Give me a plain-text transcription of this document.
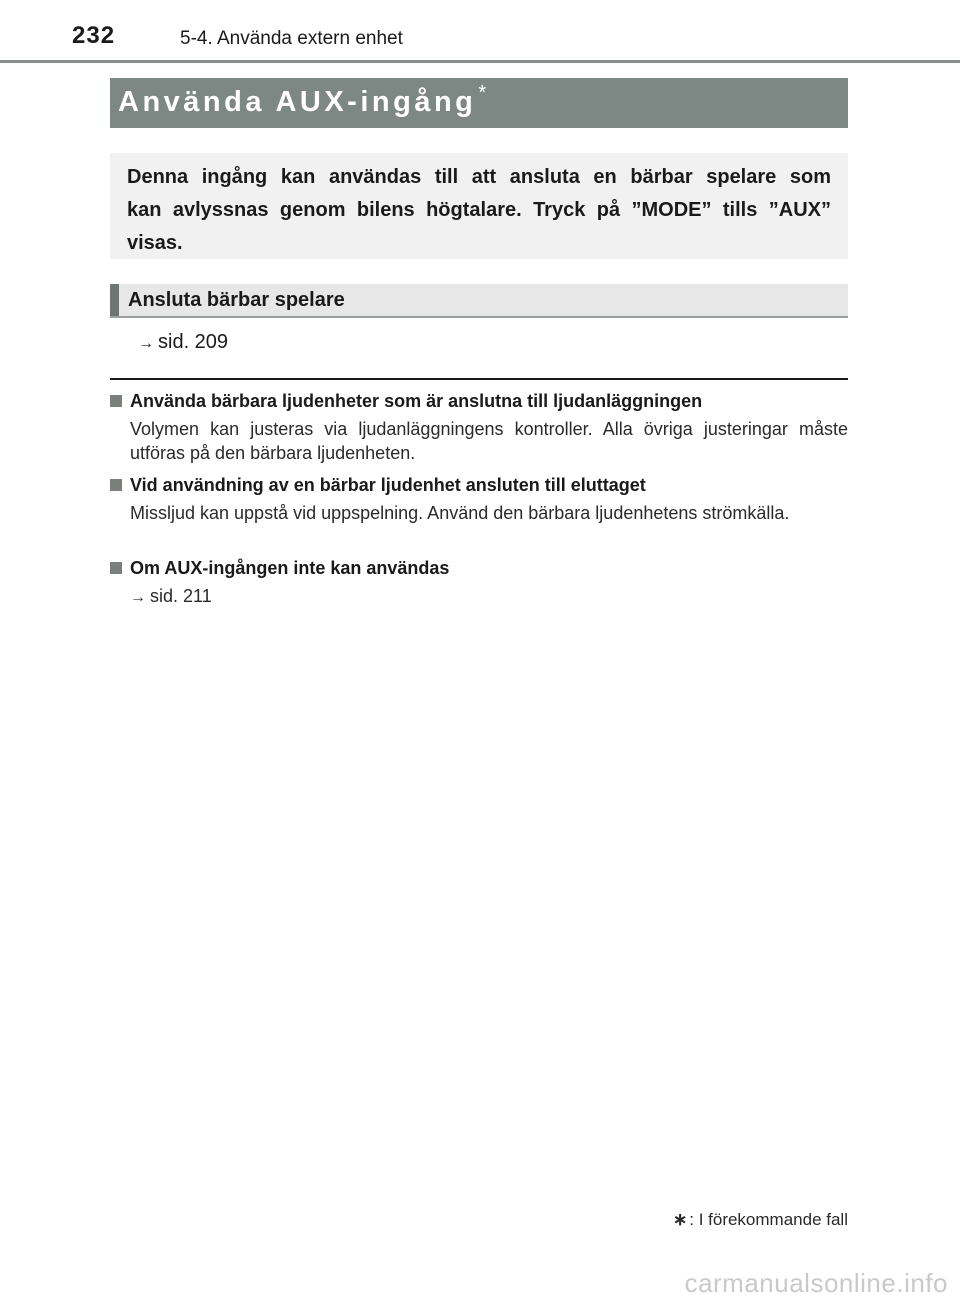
232	5-4. Använda extern enhet
Använda AUX-ingång *

Denna ingång kan användas till att ansluta en bärbar spelare som kan avlyssnas genom bilens högtalare. Tryck på ”MODE” tills ”AUX” visas.

Ansluta bärbar spelare
→ sid. 209
Använda bärbara ljudenheter som är anslutna till ljudanläggningen
Volymen kan justeras via ljudanläggningens kontroller. Alla övriga justeringar måste utföras på den bärbara ljudenheten.
Vid användning av en bärbar ljudenhet ansluten till eluttaget
Missljud kan uppstå vid uppspelning. Använd den bärbara ljudenhetens strömkälla.
Om AUX-ingången inte kan användas
→ sid. 211
∗ : I förekommande fall
carmanualsonline.info
